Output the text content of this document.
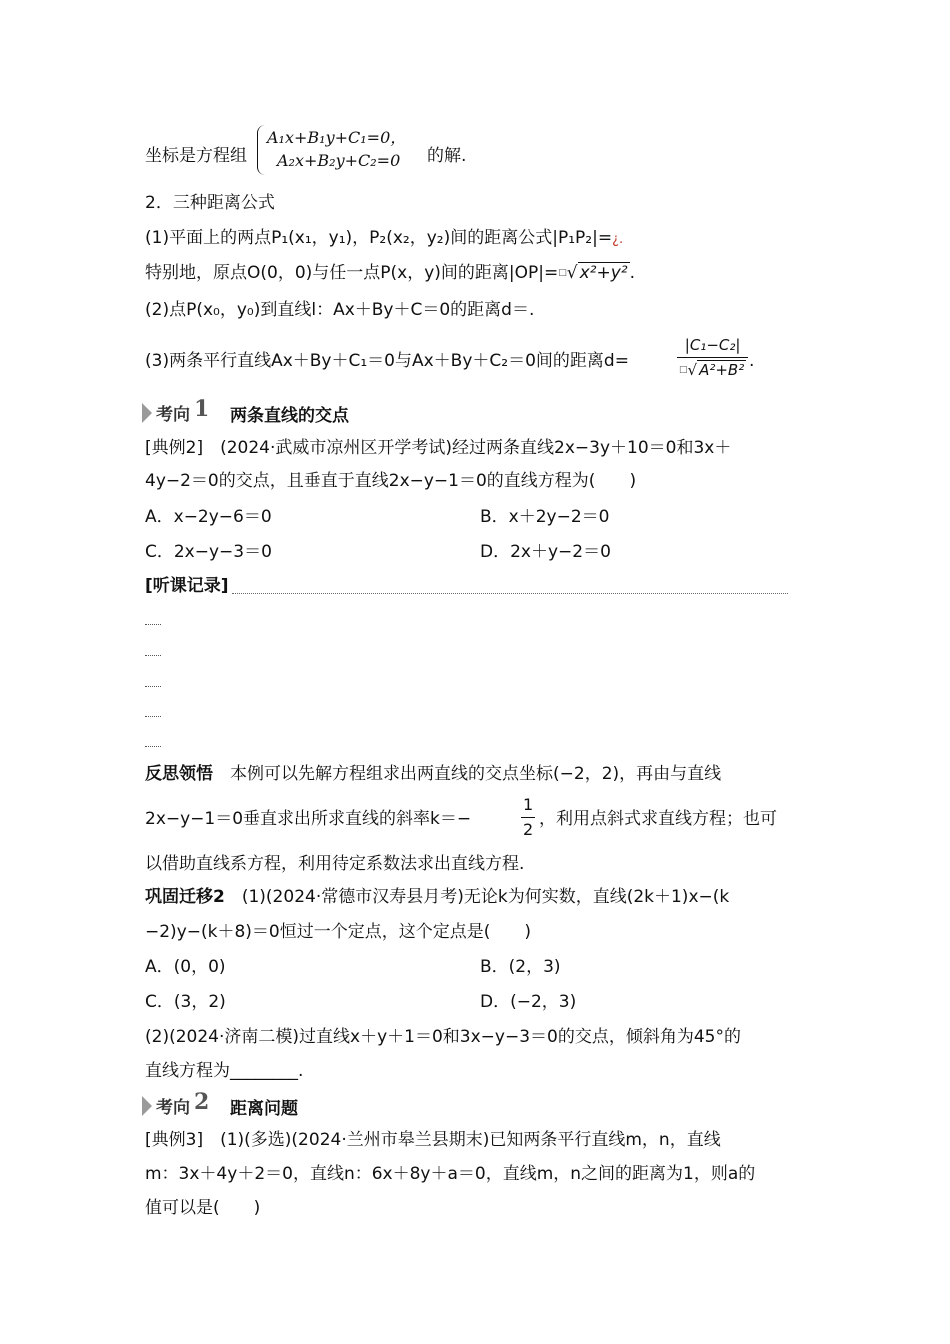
坐标是方程组
A₁x+B₁y+C₁=0，
A₂x+B₂y+C₂=0 的解.
2．三种距离公式
(1)平面上的两点P₁(x₁，y₁)，P₂(x₂，y₂)间的距离公式|P₁P₂|=¿.
特别地，原点O(0，0)与任一点P(x，y)间的距离|OP|=□√ x²+y² .
(2)点P(x₀，y₀)到直线l：Ax＋By＋C＝0的距离d＝.
(3)两条平行直线Ax＋By＋C₁＝0与Ax＋By＋C₂＝0间的距离d=	$\frac{\text{|C₁−C₂|}}{^□√ A^2+B^2}$ .
考向 1 两条直线的交点
[典例2]　(2024·武威市凉州区开学考试)经过两条直线2x−3y＋10＝0和3x＋
4y−2＝0的交点，且垂直于直线2x−y−1＝0的直线方程为(　　)
A．x−2y−6＝0	B．x＋2y−2＝0
C．2x−y−3＝0	D．2x＋y−2＝0
[听课记录]
反思领悟　 本例可以先解方程组求出两直线的交点坐标(−2，2)，再由与直线
2x−y−1＝0垂直求出所求直线的斜率k＝−	$\frac{1}{2}$ ，利用点斜式求直线方程；也可
以借助直线系方程，利用待定系数法求出直线方程.
巩固迁移2　 (1)(2024·常德市汉寿县月考)无论k为何实数，直线(2k＋1)x−(k
−2)y−(k＋8)＝0恒过一个定点，这个定点是(　　)
A．(0，0)	B．(2，3)
C．(3，2)	D．(−2，3)
(2)(2024·济南二模)过直线x＋y＋1＝0和3x−y−3＝0的交点，倾斜角为45°的
直线方程为________.
考向 2 距离问题
[典例3]　(1)(多选)(2024·兰州市皋兰县期末)已知两条平行直线m，n，直线
m：3x＋4y＋2＝0，直线n：6x＋8y＋a＝0，直线m，n之间的距离为1，则a的
值可以是(　　)
